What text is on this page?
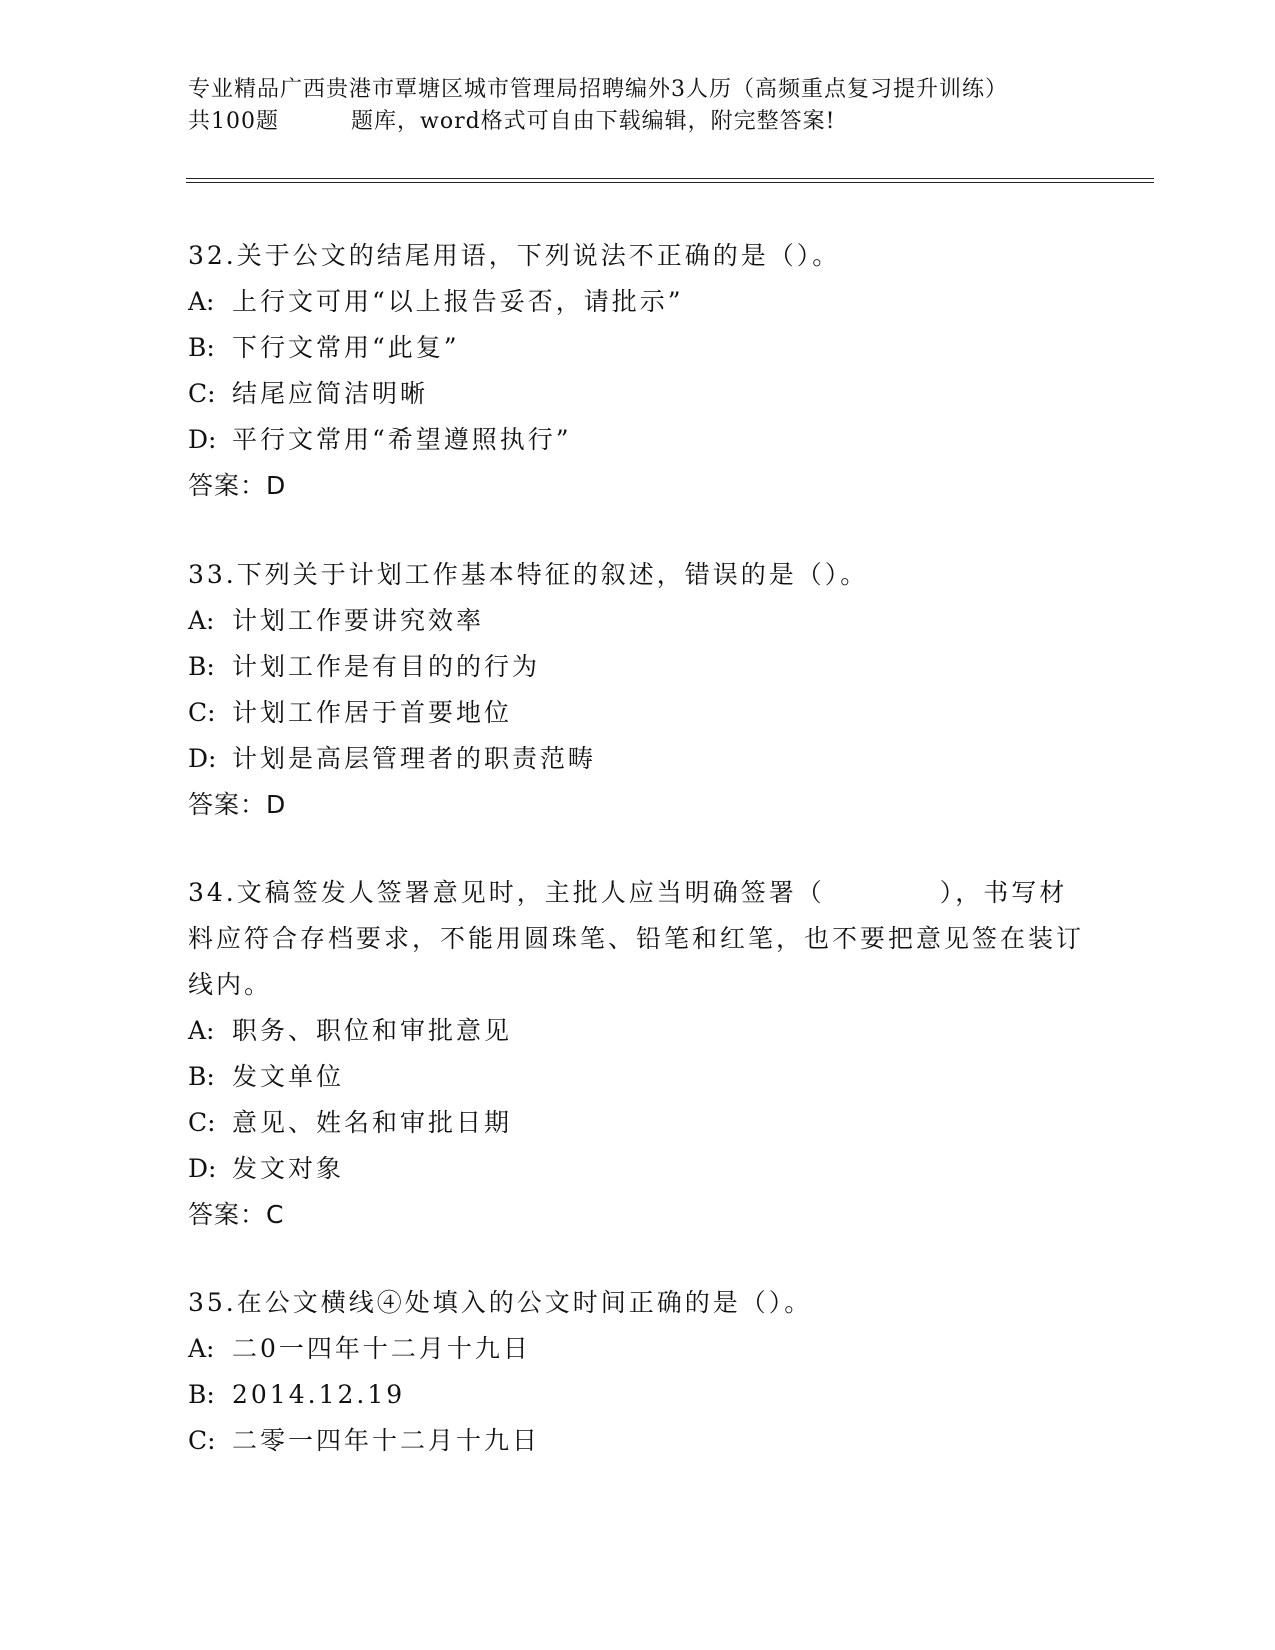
专业精品广西贵港市覃塘区城市管理局招聘编外3人历（高频重点复习提升训练）
共100题	题库，word格式可自由下载编辑，附完整答案!

32.关于公文的结尾用语，下列说法不正确的是（）。

A: 上行文可用“以上报告妥否，请批示”

B: 下行文常用“此复”

C: 结尾应简洁明晰

D: 平行文常用“希望遵照执行”

答案：D

33.下列关于计划工作基本特征的叙述，错误的是（）。

A: 计划工作要讲究效率

B: 计划工作是有目的的行为

C: 计划工作居于首要地位

D: 计划是高层管理者的职责范畴

答案：D

34.文稿签发人签署意见时，主批人应当明确签署（	），书写材料应符合存档要求，不能用圆珠笔、铅笔和红笔，也不要把意见签在装订线内。

A: 职务、职位和审批意见

B: 发文单位

C: 意见、姓名和审批日期

D: 发文对象

答案：C

35.在公文横线④处填入的公文时间正确的是（）。

A: 二0一四年十二月十九日

B: 2014.12.19

C: 二零一四年十二月十九日
